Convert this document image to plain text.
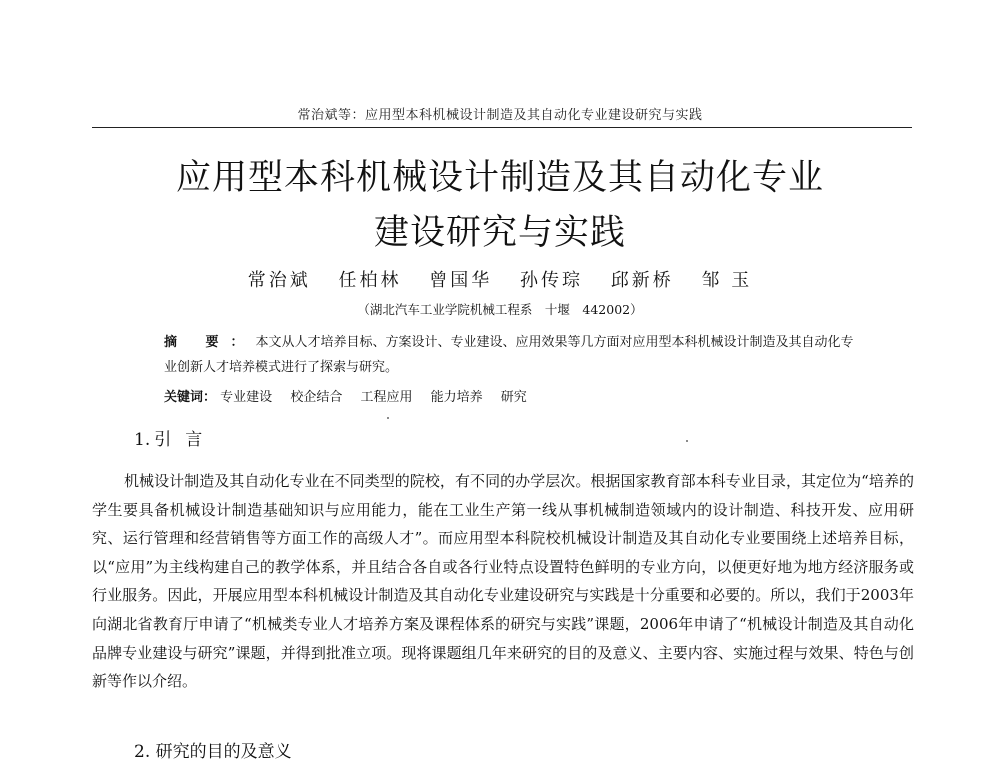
常治斌等：应用型本科机械设计制造及其自动化专业建设研究与实践
应用型本科机械设计制造及其自动化专业
建设研究与实践
常治斌 任柏林 曾国华 孙传琮 邱新桥 邹 玉
（湖北汽车工业学院机械工程系　十堰　442002）
摘 要：本文从人才培养目标、方案设计、专业建设、应用效果等几方面对应用型本科机械设计制造及其自动化专业创新人才培养模式进行了探索与研究。
关键词： 专业建设 校企结合 工程应用 能力培养 研究
1. 引言

机械设计制造及其自动化专业在不同类型的院校，有不同的办学层次。根据国家教育部本科专业目录，其定位为“培养的学生要具备机械设计制造基础知识与应用能力，能在工业生产第一线从事机械制造领域内的设计制造、科技开发、应用研究、运行管理和经营销售等方面工作的高级人才”。而应用型本科院校机械设计制造及其自动化专业要围绕上述培养目标，以“应用”为主线构建自己的教学体系，并且结合各自或各行业特点设置特色鲜明的专业方向，以便更好地为地方经济服务或行业服务。因此，开展应用型本科机械设计制造及其自动化专业建设研究与实践是十分重要和必要的。所以，我们于2003年向湖北省教育厅申请了“机械类专业人才培养方案及课程体系的研究与实践”课题，2006年申请了“机械设计制造及其自动化品牌专业建设与研究”课题，并得到批准立项。现将课题组几年来研究的目的及意义、主要内容、实施过程与效果、特色与创新等作以介绍。

2. 研究的目的及意义
